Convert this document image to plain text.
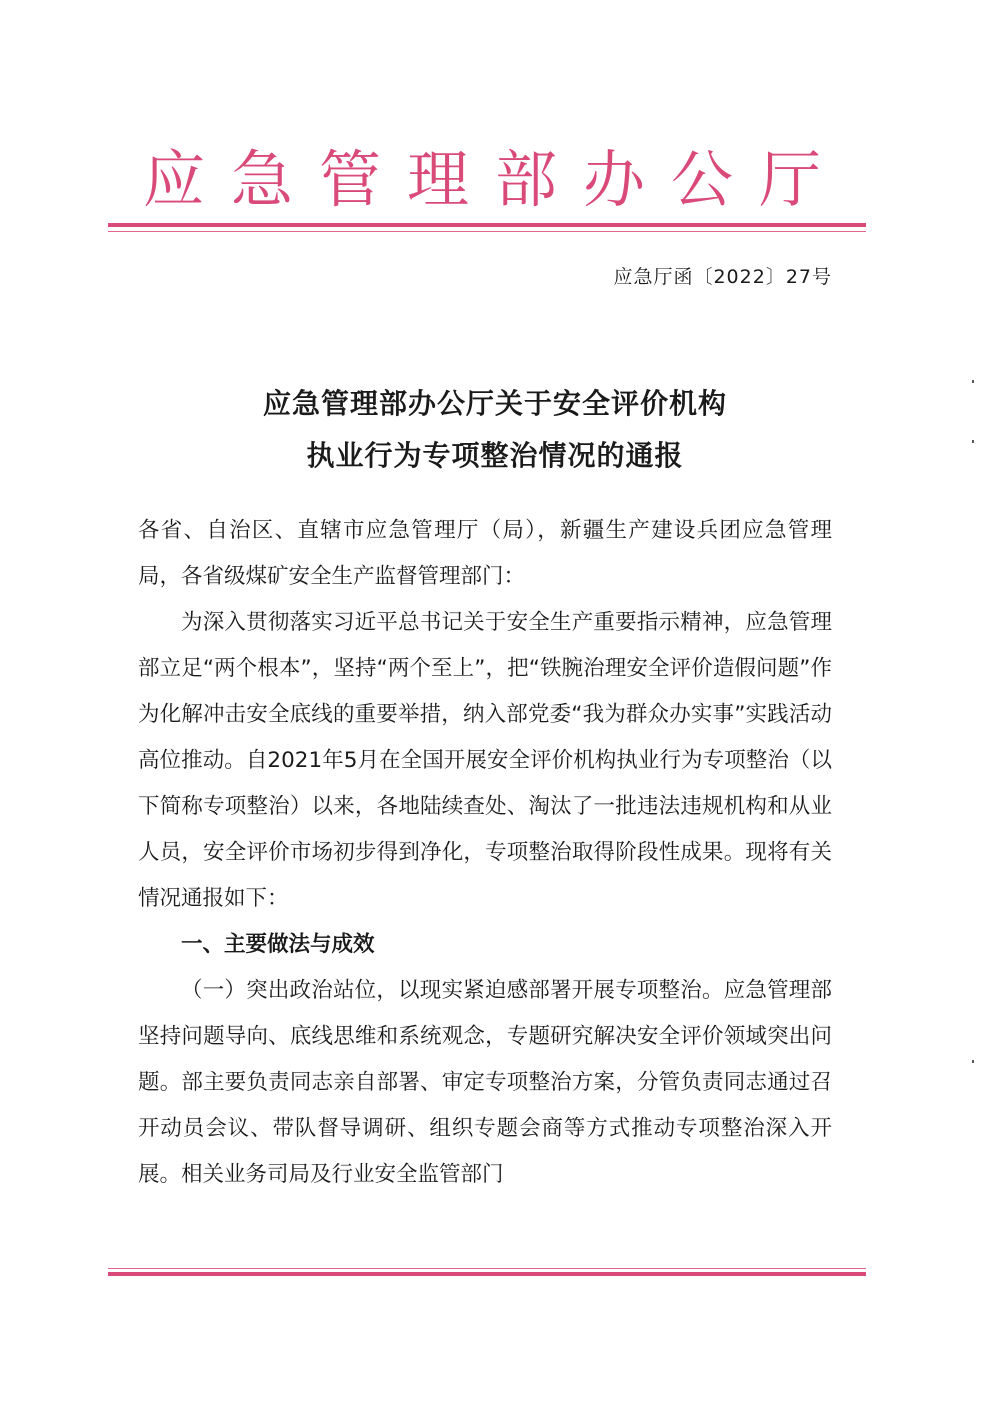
应急管理部办公厅
应急厅函〔2022〕27号
应急管理部办公厅关于安全评价机构
执业行为专项整治情况的通报

各省、自治区、直辖市应急管理厅（局），新疆生产建设兵团应急管理局，各省级煤矿安全生产监督管理部门：

为深入贯彻落实习近平总书记关于安全生产重要指示精神，应急管理部立足“两个根本”，坚持“两个至上”，把“铁腕治理安全评价造假问题”作为化解冲击安全底线的重要举措，纳入部党委“我为群众办实事”实践活动高位推动。自2021年5月在全国开展安全评价机构执业行为专项整治（以下简称专项整治）以来，各地陆续查处、淘汰了一批违法违规机构和从业人员，安全评价市场初步得到净化，专项整治取得阶段性成果。现将有关情况通报如下：

一、主要做法与成效

（一）突出政治站位，以现实紧迫感部署开展专项整治。应急管理部坚持问题导向、底线思维和系统观念，专题研究解决安全评价领域突出问题。部主要负责同志亲自部署、审定专项整治方案，分管负责同志通过召开动员会议、带队督导调研、组织专题会商等方式推动专项整治深入开展。相关业务司局及行业安全监管部门
